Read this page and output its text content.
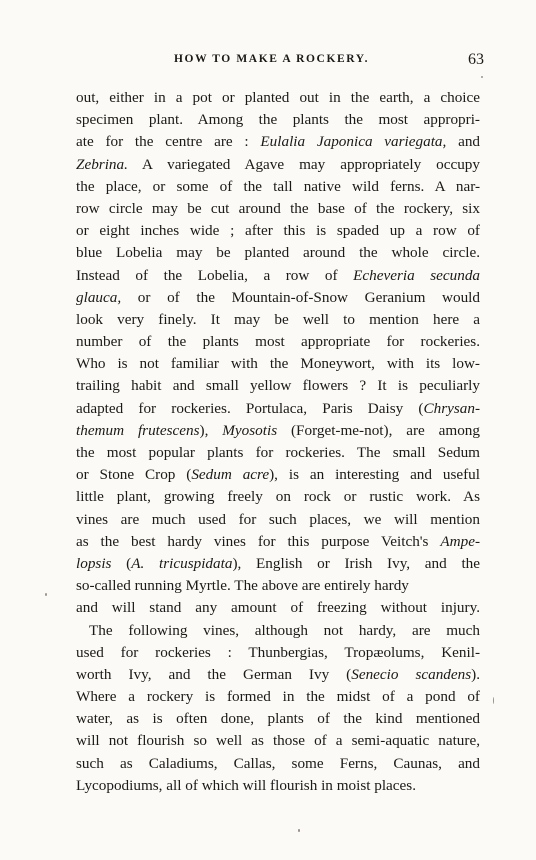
HOW TO MAKE A ROCKERY.	63
out, either in a pot or planted out in the earth, a choice
specimen plant. Among the plants the most appropri-
ate for the centre are : Eulalia Japonica variegata, and
Zebrina. A variegated Agave may appropriately occupy
the place, or some of the tall native wild ferns. A nar-
row circle may be cut around the base of the rockery, six
or eight inches wide ; after this is spaded up a row of
blue Lobelia may be planted around the whole circle.
Instead of the Lobelia, a row of Echeveria secunda
glauca, or of the Mountain-of-Snow Geranium would
look very finely. It may be well to mention here a
number of the plants most appropriate for rockeries.
Who is not familiar with the Moneywort, with its low-
trailing habit and small yellow flowers ? It is peculiarly
adapted for rockeries. Portulaca, Paris Daisy (Chrysan-
themum frutescens), Myosotis (Forget-me-not), are among
the most popular plants for rockeries. The small Sedum
or Stone Crop (Sedum acre), is an interesting and useful
little plant, growing freely on rock or rustic work. As
vines are much used for such places, we will mention
as the best hardy vines for this purpose Veitch's Ampe-
lopsis (A. tricuspidata), English or Irish Ivy, and the
so-called running Myrtle. The above are entirely hardy
and will stand any amount of freezing without injury.
The following vines, although not hardy, are much
used for rockeries : Thunbergias, Tropæolums, Kenil-
worth Ivy, and the German Ivy (Senecio scandens).
Where a rockery is formed in the midst of a pond of
water, as is often done, plants of the kind mentioned
will not flourish so well as those of a semi-aquatic nature,
such as Caladiums, Callas, some Ferns, Caunas, and
Lycopodiums, all of which will flourish in moist places.
